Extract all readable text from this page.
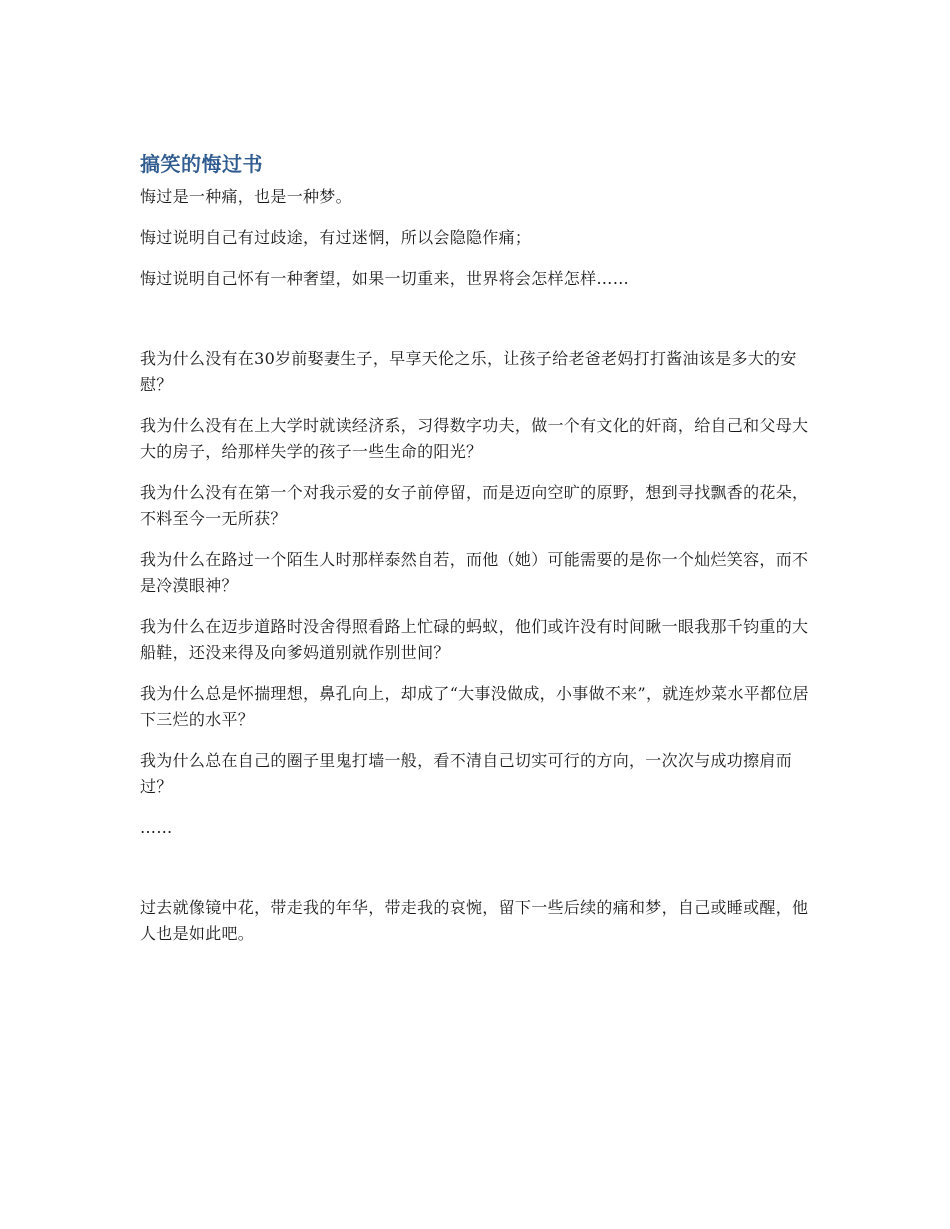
搞笑的悔过书

悔过是一种痛，也是一种梦。

悔过说明自己有过歧途，有过迷惘，所以会隐隐作痛；

悔过说明自己怀有一种奢望，如果一切重来，世界将会怎样怎样……

我为什么没有在30岁前娶妻生子，早享天伦之乐，让孩子给老爸老妈打打酱油该是多大的安慰？

我为什么没有在上大学时就读经济系，习得数字功夫，做一个有文化的奸商，给自己和父母大大的房子，给那样失学的孩子一些生命的阳光？

我为什么没有在第一个对我示爱的女子前停留，而是迈向空旷的原野，想到寻找飘香的花朵，不料至今一无所获？

我为什么在路过一个陌生人时那样泰然自若，而他（她）可能需要的是你一个灿烂笑容，而不是冷漠眼神？

我为什么在迈步道路时没舍得照看路上忙碌的蚂蚁，他们或许没有时间瞅一眼我那千钧重的大船鞋，还没来得及向爹妈道别就作别世间？

我为什么总是怀揣理想，鼻孔向上，却成了“大事没做成，小事做不来”，就连炒菜水平都位居下三烂的水平？

我为什么总在自己的圈子里鬼打墙一般，看不清自己切实可行的方向，一次次与成功擦肩而过？

……

过去就像镜中花，带走我的年华，带走我的哀惋，留下一些后续的痛和梦，自己或睡或醒，他人也是如此吧。
